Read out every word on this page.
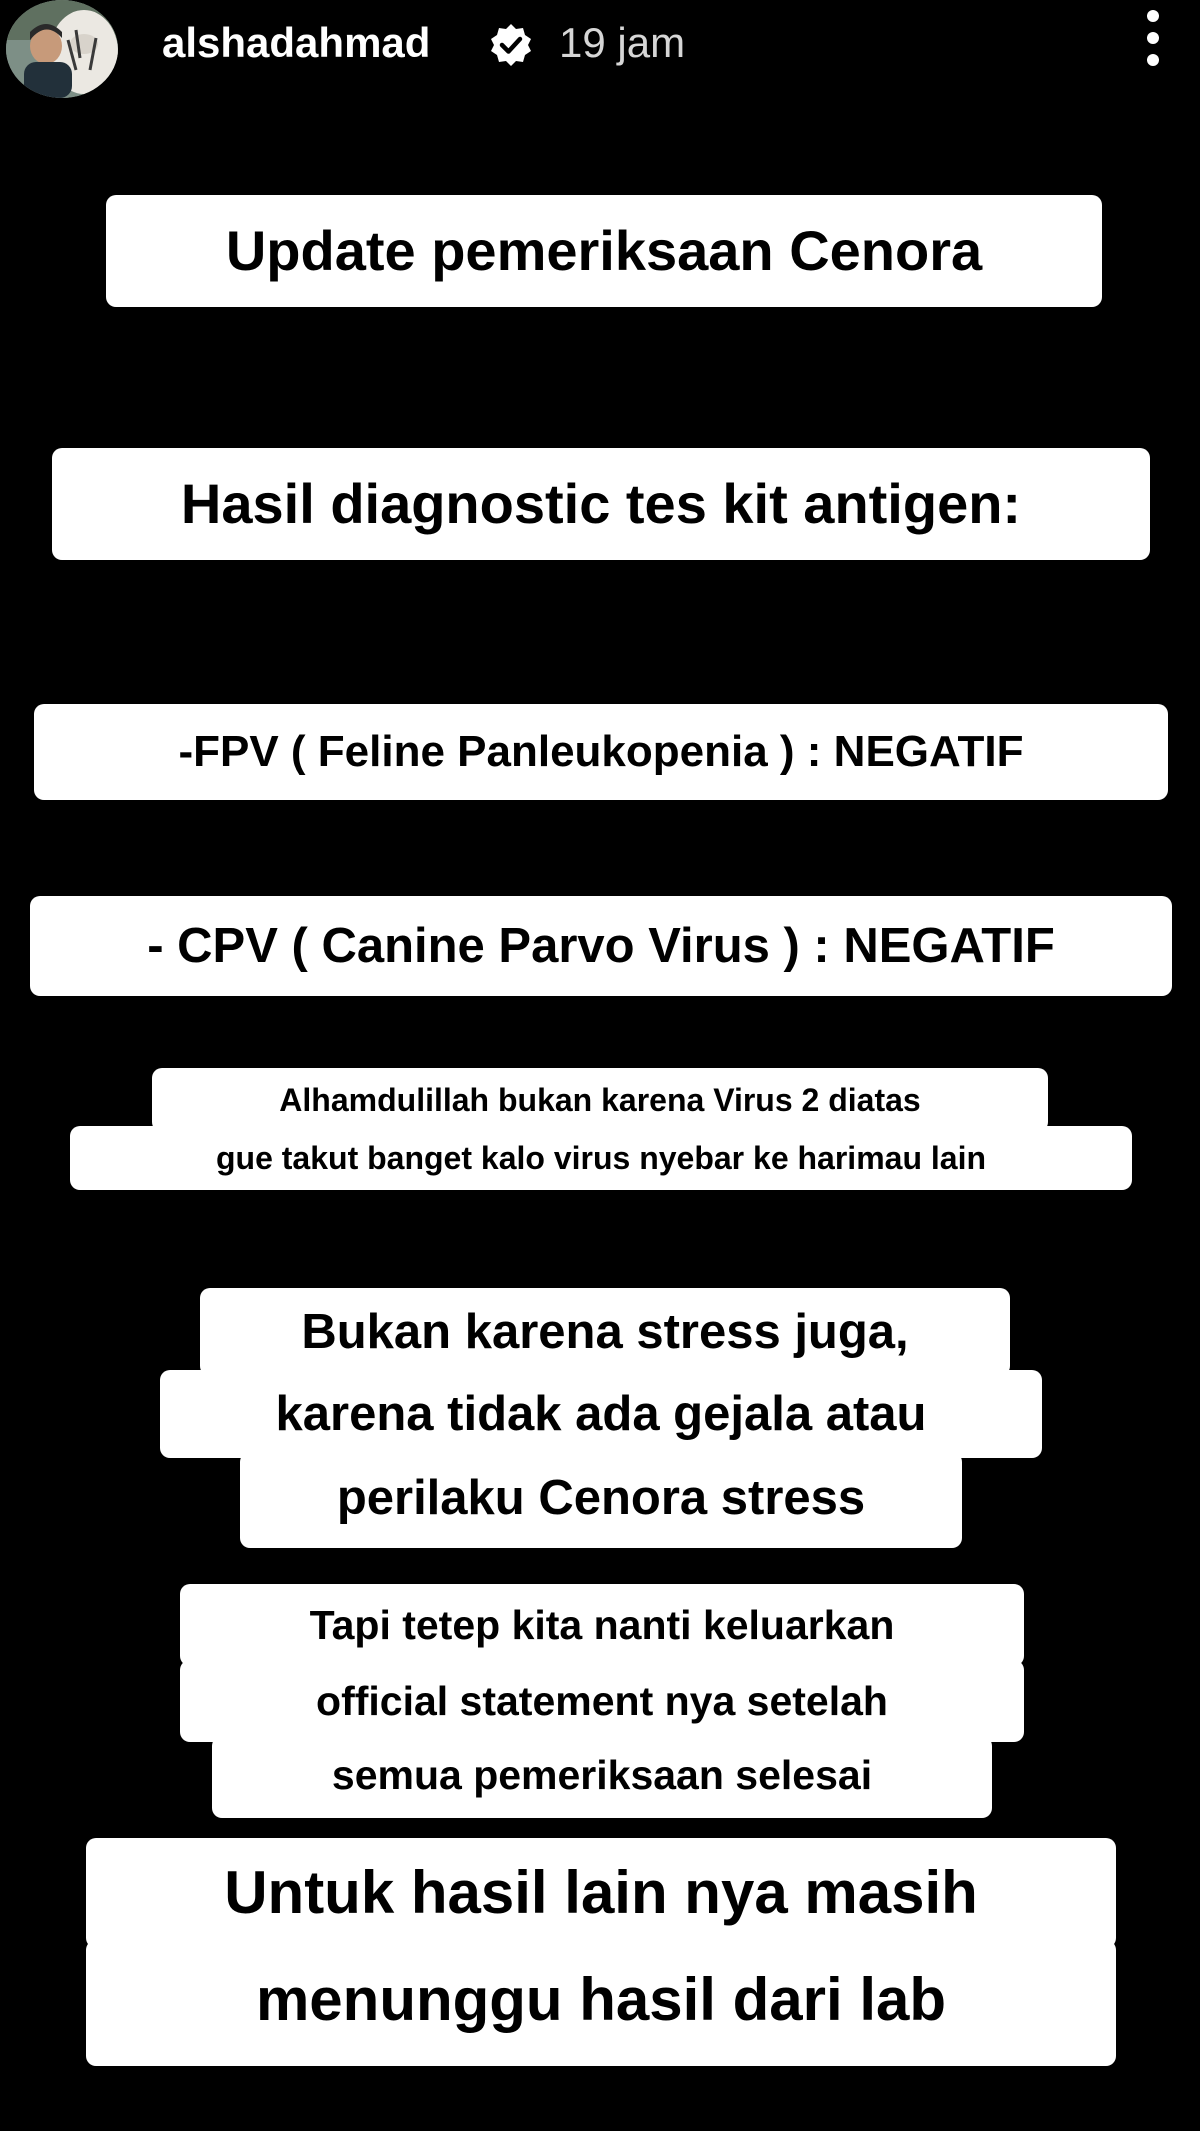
alshadahmad	19 jam
Update pemeriksaan Cenora
Hasil diagnostic tes kit antigen:
-FPV ( Feline Panleukopenia ) : NEGATIF
- CPV ( Canine Parvo Virus ) : NEGATIF
Alhamdulillah bukan karena Virus 2 diatas
gue takut banget kalo virus nyebar ke harimau lain
Bukan karena stress juga,
karena tidak ada gejala atau
perilaku Cenora stress
Tapi tetep kita nanti keluarkan
official statement nya setelah
semua pemeriksaan selesai
Untuk hasil lain nya masih
menunggu hasil dari lab
